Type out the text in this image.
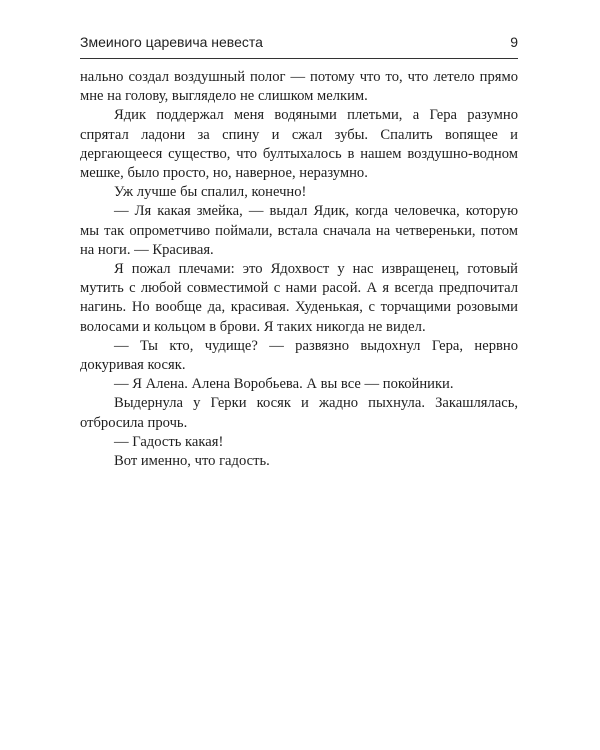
Змеиного царевича невеста	9

нально создал воздушный полог — потому что то, что летело прямо мне на голову, выглядело не слишком мелким.

Ядик поддержал меня водяными плетьми, а Гера разумно спрятал ладони за спину и сжал зубы. Спалить вопящее и дергающееся существо, что бултыхалось в нашем воздушно-водном мешке, было просто, но, наверное, неразумно.

Уж лучше бы спалил, конечно!

— Ля какая змейка, — выдал Ядик, когда человечка, которую мы так опрометчиво поймали, встала сначала на четвереньки, потом на ноги. — Красивая.

Я пожал плечами: это Ядохвост у нас извращенец, готовый мутить с любой совместимой с нами расой. А я всегда предпочитал нагинь. Но вообще да, красивая. Худенькая, с торчащими розовыми волосами и кольцом в брови. Я таких никогда не видел.

— Ты кто, чудище? — развязно выдохнул Гера, нервно докуривая косяк.

— Я Алена. Алена Воробьева. А вы все — покойники.

Выдернула у Герки косяк и жадно пыхнула. Закашлялась, отбросила прочь.

— Гадость какая!

Вот именно, что гадость.
